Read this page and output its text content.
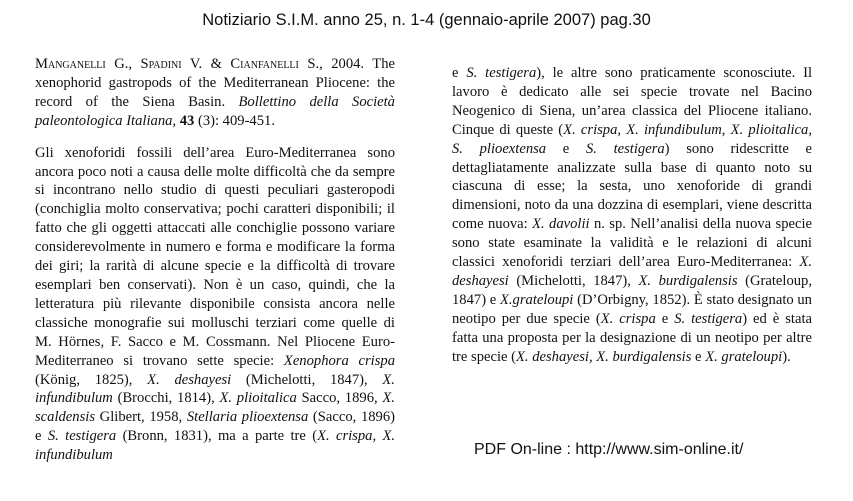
Notiziario S.I.M. anno 25, n. 1-4 (gennaio-aprile 2007) pag.30

Manganelli G., Spadini V. & Cianfanelli S., 2004. The xenophorid gastropods of the Mediterranean Pliocene: the record of the Siena Basin. Bollettino della Società paleontologica Italiana, 43 (3): 409-451.

Gli xenoforidi fossili dell’area Euro-Mediterranea sono ancora poco noti a causa delle molte difficoltà che da sempre si incontrano nello studio di questi peculiari gasteropodi (conchiglia molto conservativa; pochi caratteri disponibili; il fatto che gli oggetti attaccati alle conchiglie possono variare considerevolmente in numero e forma e modificare la forma dei giri; la rarità di alcune specie e la difficoltà di trovare esemplari ben conservati). Non è un caso, quindi, che la letteratura più rilevante disponibile consista ancora nelle classiche monografie sui molluschi terziari come quelle di M. Hörnes, F. Sacco e M. Cossmann. Nel Pliocene Euro-Mediterraneo si trovano sette specie: Xenophora crispa (König, 1825), X. deshayesi (Michelotti, 1847), X. infundibulum (Brocchi, 1814), X. plioitalica Sacco, 1896, X. scaldensis Glibert, 1958, Stellaria plioextensa (Sacco, 1896) e S. testigera (Bronn, 1831), ma a parte tre (X. crispa, X. infundibulum

e S. testigera), le altre sono praticamente sconosciute. Il lavoro è dedicato alle sei specie trovate nel Bacino Neogenico di Siena, un’area classica del Pliocene italiano. Cinque di queste (X. crispa, X. infundibulum, X. plioitalica, S. plioextensa e S. testigera) sono ridescritte e dettagliatamente analizzate sulla base di quanto noto su ciascuna di esse; la sesta, uno xenoforide di grandi dimensioni, noto da una dozzina di esemplari, viene descritta come nuova: X. davolii n. sp. Nell’analisi della nuova specie sono state esaminate la validità e le relazioni di alcuni classici xenoforidi terziari dell’area Euro-Mediterranea: X. deshayesi (Michelotti, 1847), X. burdigalensis (Grateloup, 1847) e X.grateloupi (D’Orbigny, 1852). È stato designato un neotipo per due specie (X. crispa e S. testigera) ed è stata fatta una proposta per la designazione di un neotipo per altre tre specie (X. deshayesi, X. burdigalensis e X. grateloupi).

PDF On-line : http://www.sim-online.it/
